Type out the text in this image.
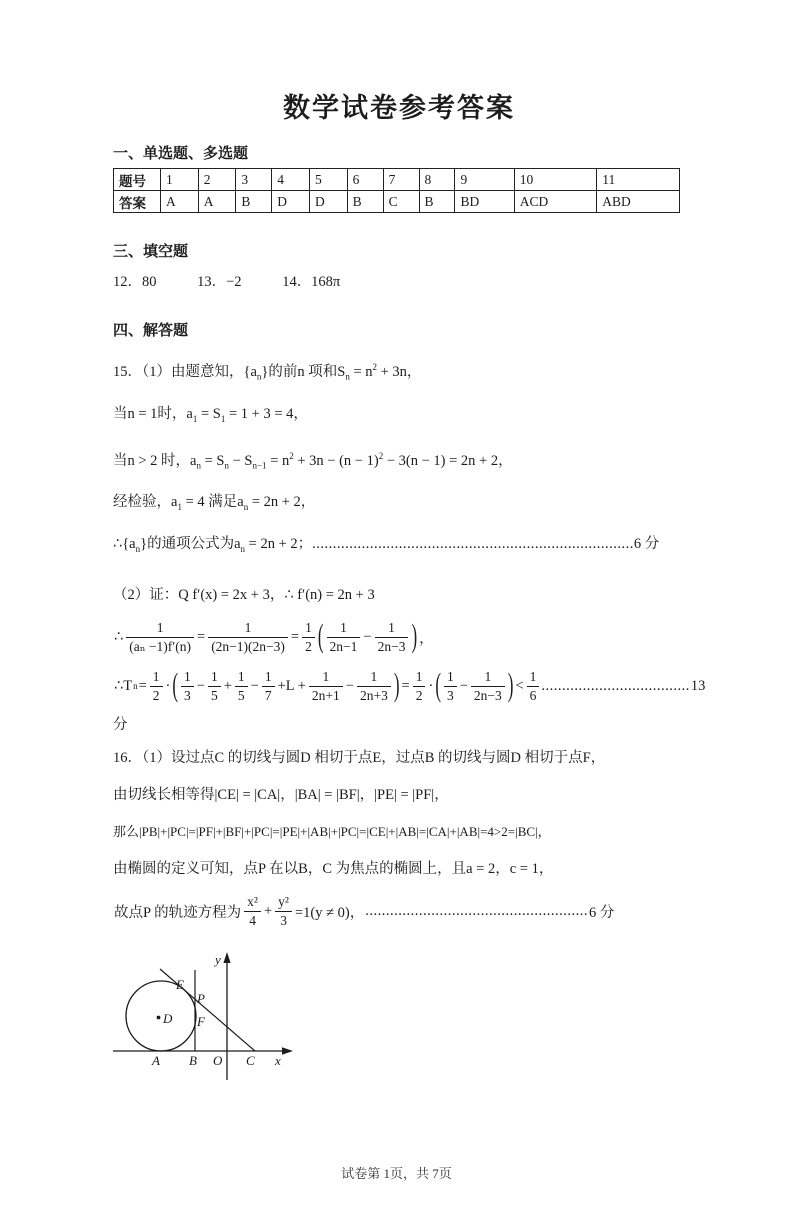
数学试卷参考答案

一、单选题、多选题

题号	1	2	3	4	5	6	7	8	9	10	11
答案	A	A	B	D	D	B	C	B	BD	ACD	ABD

三、填空题

12．80	13．−2	14．168π

四、解答题

15．（1）由题意知，$\{a_n\}$的前n 项和$S_n = n^2 + 3n$，

当n = 1时，$a_1 = S_1 = 1 + 3 = 4$，

当n > 2 时，$a_n = S_n - S_{n-1} = n^2 + 3n - (n - 1)^2 - 3(n - 1) = 2n + 2$，

经检验，$a_1 = 4$ 满足$a_n = 2n + 2$，

$\therefore\{a_n\}$的通项公式为$a_n = 2n + 2$；..............................................................................6 分

（2）证：Q f′(x) = 2x + 3，∴ f′(n) = 2n + 3

∴ $\frac{1}{\text{(aₙ −1)f′(n)}} = \frac{1}{(2n-1)(2n-3)} = \frac{1}{2}$ ( $\frac{1}{2n-1} - \frac{1}{2n-3}$ ) ，
∴T $n = \frac{1}{2}$ · ( $\frac{1}{3} - \frac{1}{5} + \frac{1}{5} - \frac{1}{7} +L + \frac{1}{2n+1} - \frac{1}{2n+3}$ ) = $\frac{1}{2}$ · ( $\frac{1}{3} - \frac{1}{2n-3}$ ) < $\frac{1}{6}$ .................................... 13

分

16．（1）设过点C 的切线与圆D 相切于点E，过点B 的切线与圆D 相切于点F，

由切线长相等得|CE| = |CA|，|BA| = |BF|，|PE| = |PF|，

那么|PB|+|PC|=|PF|+|BF|+|PC|=|PE|+|AB|+|PC|=|CE|+|AB|=|CA|+|AB|=4>2=|BC|，

由椭圆的定义可知，点P 在以B，C 为焦点的椭圆上，且a = 2，c = 1，

故点P 的轨迹方程为 $\frac{\text{x²}}{4} + \frac{\text{y²}}{3} =1(y \ne 0)$， ...................................................... 6 分
y
x
O
A B	C
D
E
P
F
试卷第 1页，共 7页
